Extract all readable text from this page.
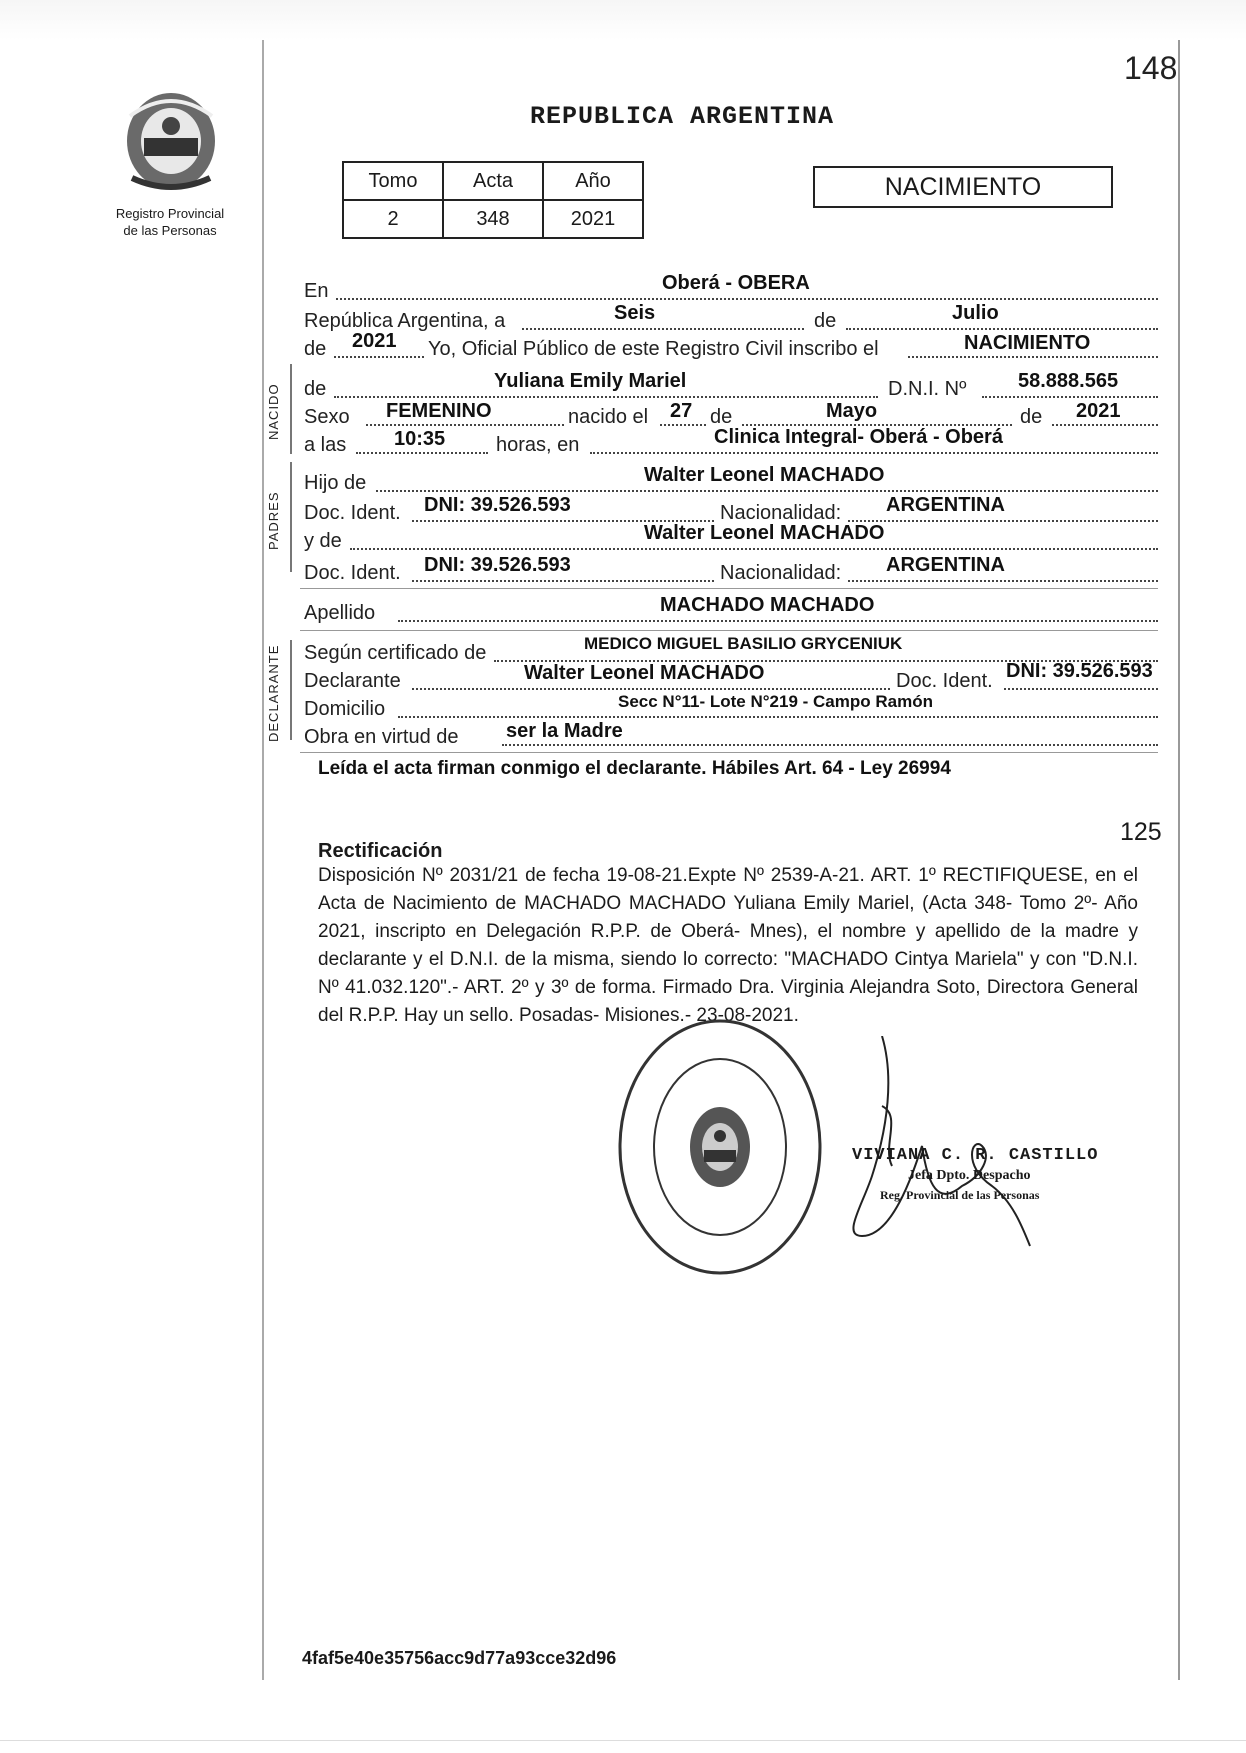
148
Registro Provincial
de las Personas
REPUBLICA ARGENTINA
Tomo	Acta	Año
2	348	2021
NACIMIENTO
NACIDO
PADRES
DECLARANTE
En	Oberá - OBERA
República Argentina, a	Seis	de	Julio
de 2021 Yo, Oficial Público de este Registro Civil inscribo el	NACIMIENTO
de	Yuliana Emily Mariel	D.N.I. Nº	58.888.565
Sexo FEMENINO	nacido el 27 de	Mayo	de 2021
a las 10:35	horas, en	Clinica Integral- Oberá - Oberá
Hijo de	Walter Leonel MACHADO
Doc. Ident. DNI: 39.526.593	Nacionalidad: ARGENTINA
y de	Walter Leonel MACHADO
Doc. Ident. DNI: 39.526.593	Nacionalidad: ARGENTINA
Apellido	MACHADO MACHADO
Según certificado de	MEDICO MIGUEL BASILIO GRYCENIUK
Declarante	Walter Leonel MACHADO	Doc. Ident. DNI: 39.526.593
Domicilio	Secc N°11- Lote N°219 - Campo Ramón
Obra en virtud de ser la Madre
Leída el acta firman conmigo el declarante. Hábiles Art. 64 - Ley 26994
125
Rectificación
Disposición Nº 2031/21 de fecha 19-08-21.Expte Nº 2539-A-21. ART. 1º RECTIFIQUESE, en el Acta de Nacimiento de MACHADO MACHADO Yuliana Emily Mariel, (Acta 348- Tomo 2º- Año 2021, inscripto en Delegación R.P.P. de Oberá- Mnes), el nombre y apellido de la madre y declarante y el D.N.I. de la misma, siendo lo correcto: "MACHADO Cintya Mariela" y con "D.N.I. Nº 41.032.120".- ART. 2º y 3º de forma. Firmado Dra. Virginia Alejandra Soto, Directora General del R.P.P. Hay un sello. Posadas- Misiones.- 23-08-2021.
VIVIANA C. R. CASTILLO
Jefa Dpto. Despacho
Reg. Provincial de las Personas
4faf5e40e35756acc9d77a93cce32d96
